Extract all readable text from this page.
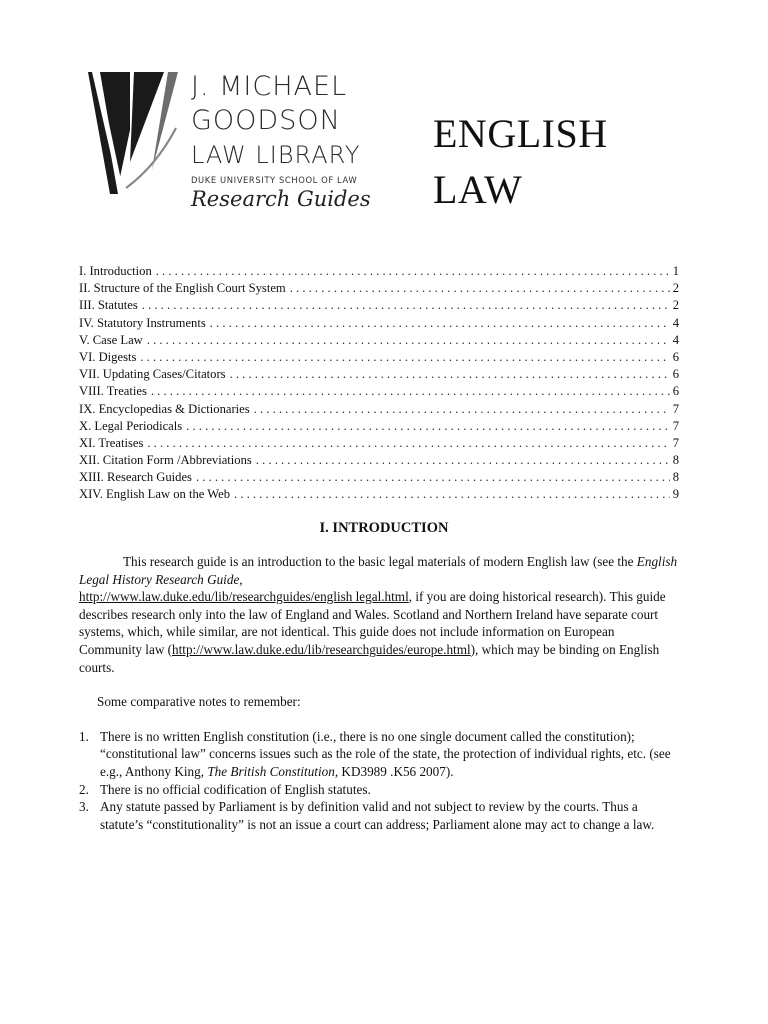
J. MICHAEL
GOODSON
LAW LIBRARY
DUKE UNIVERSITY SCHOOL OF LAW
Research Guides
ENGLISH
LAW
I. Introduction . . .	1
II. Structure of the English Court System . . .	2
III. Statutes . . .	2
IV. Statutory Instruments . . .	4
V. Case Law . . .	4
VI. Digests . . .	6
VII. Updating Cases/Citators . . .	6
VIII. Treaties . . .	6
IX. Encyclopedias & Dictionaries . . .	7
X. Legal Periodicals . . .	7
XI. Treatises . . .	7
XII. Citation Form /Abbreviations . . .	8
XIII. Research Guides . . .	8
XIV. English Law on the Web . . .	9
I. INTRODUCTION

This research guide is an introduction to the basic legal materials of modern English law (see the English Legal History Research Guide,
http://www.law.duke.edu/lib/researchguides/english legal.html, if you are doing historical research). This guide describes research only into the law of England and Wales. Scotland and Northern Ireland have separate court systems, which, while similar, are not identical. This guide does not include information on European Community law (http://www.law.duke.edu/lib/researchguides/europe.html), which may be binding on English courts.

Some comparative notes to remember:

1. There is no written English constitution (i.e., there is no one single document called the constitution); “constitutional law” concerns issues such as the role of the state, the protection of individual rights, etc. (see e.g., Anthony King, The British Constitution, KD3989 .K56 2007).
2. There is no official codification of English statutes.
3. Any statute passed by Parliament is by definition valid and not subject to review by the courts. Thus a statute’s “constitutionality” is not an issue a court can address; Parliament alone may act to change a law.
